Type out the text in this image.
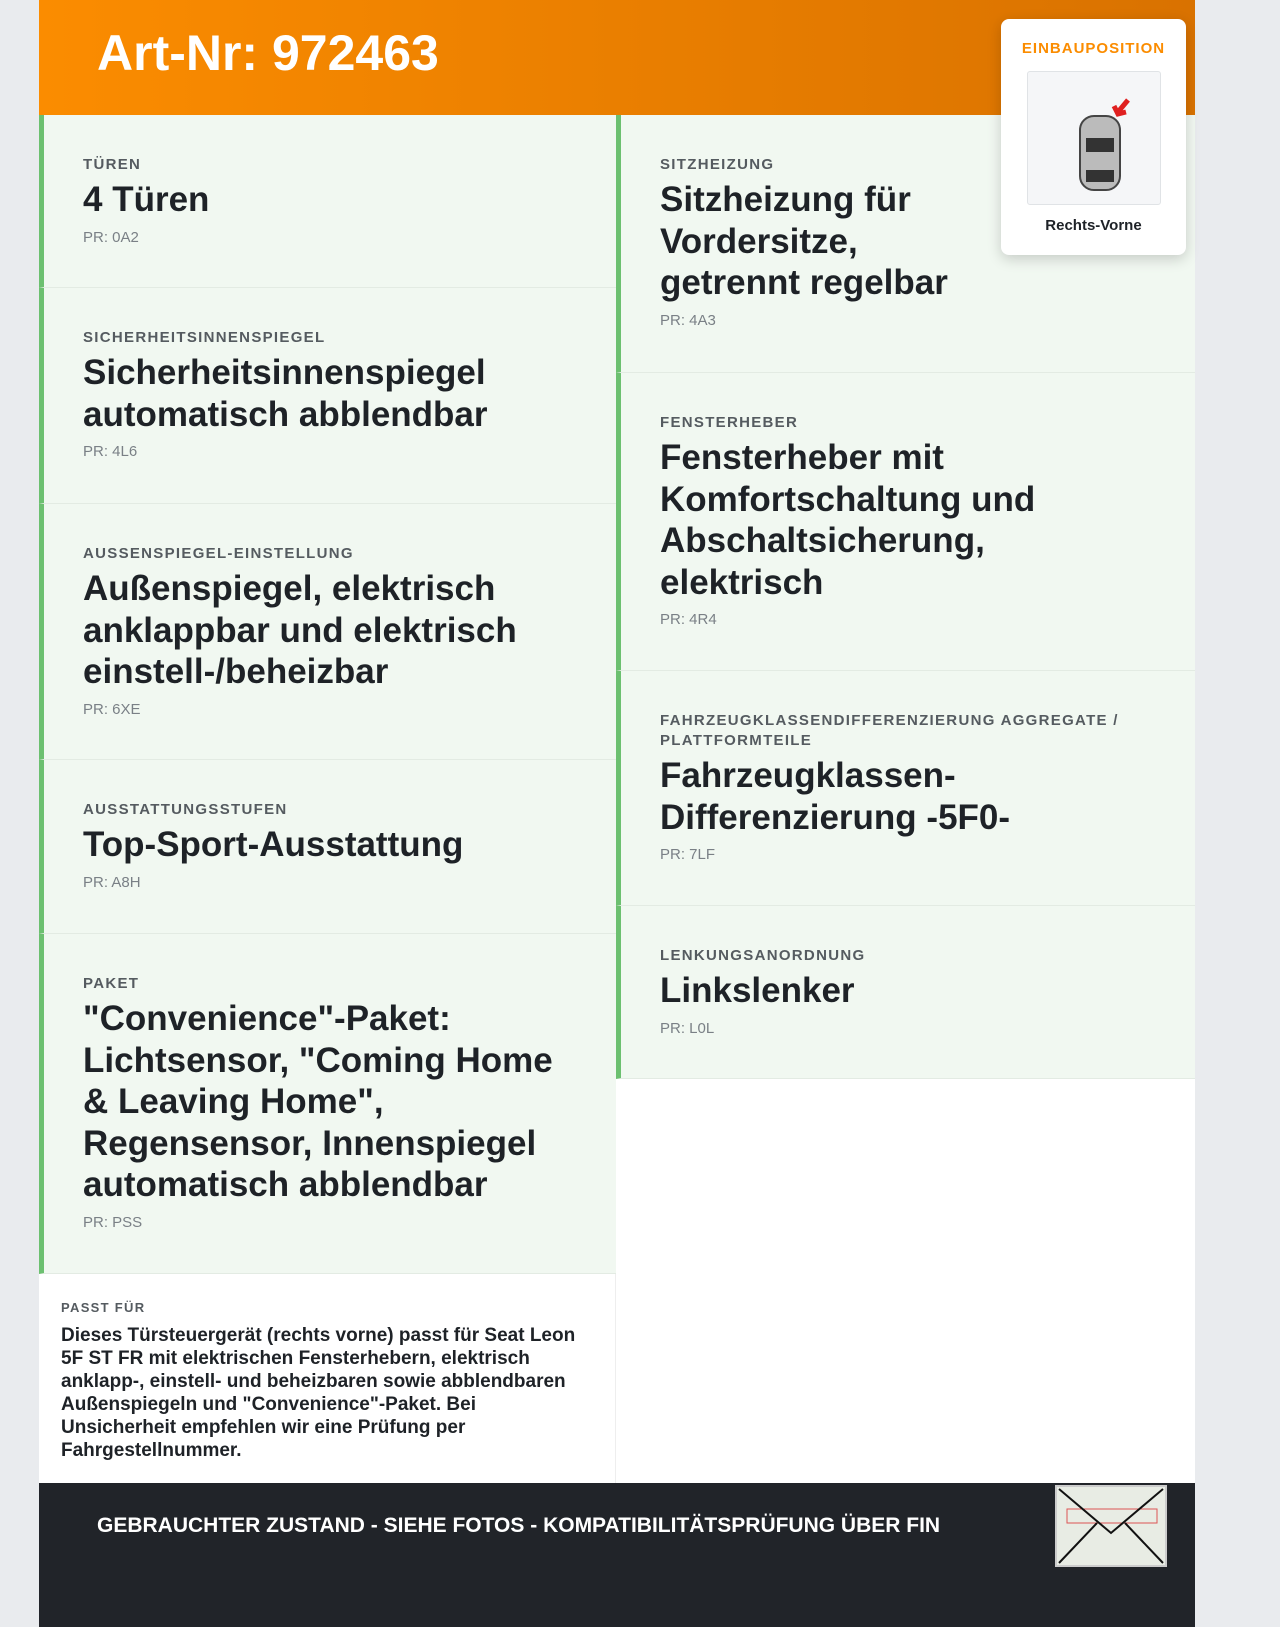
Art-Nr: 972463
TÜREN
4 Türen
PR: 0A2
SICHERHEITSINNENSPIEGEL
Sicherheitsinnenspiegel automatisch abblendbar
PR: 4L6
AUSSENSPIEGEL-EINSTELLUNG
Außenspiegel, elektrisch anklappbar und elektrisch einstell-/beheizbar
PR: 6XE
AUSSTATTUNGSSTUFEN
Top-Sport-Ausstattung
PR: A8H
PAKET
"Convenience"-Paket: Lichtsensor, "Coming Home & Leaving Home", Regensensor, Innenspiegel automatisch abblendbar
PR: PSS
SITZHEIZUNG
Sitzheizung für Vordersitze, getrennt regelbar
PR: 4A3
FENSTERHEBER
Fensterheber mit Komfortschaltung und Abschaltsicherung, elektrisch
PR: 4R4
FAHRZEUGKLASSENDIFFERENZIERUNG AGGREGATE / PLATTFORMTEILE
Fahrzeugklassen-Differenzierung -5F0-
PR: 7LF
LENKUNGSANORDNUNG
Linkslenker
PR: L0L
PASST FÜR

Dieses Türsteuergerät (rechts vorne) passt für Seat Leon 5F ST FR mit elektrischen Fensterhebern, elektrisch anklapp-, einstell- und beheizbaren sowie abblendbaren Außenspiegeln und "Convenience"-Paket. Bei Unsicherheit empfehlen wir eine Prüfung per Fahrgestellnummer.

GEBRAUCHTER ZUSTAND - SIEHE FOTOS - KOMPATIBILITÄTSPRÜFUNG ÜBER FIN
EINBAUPOSITION
Rechts-Vorne
